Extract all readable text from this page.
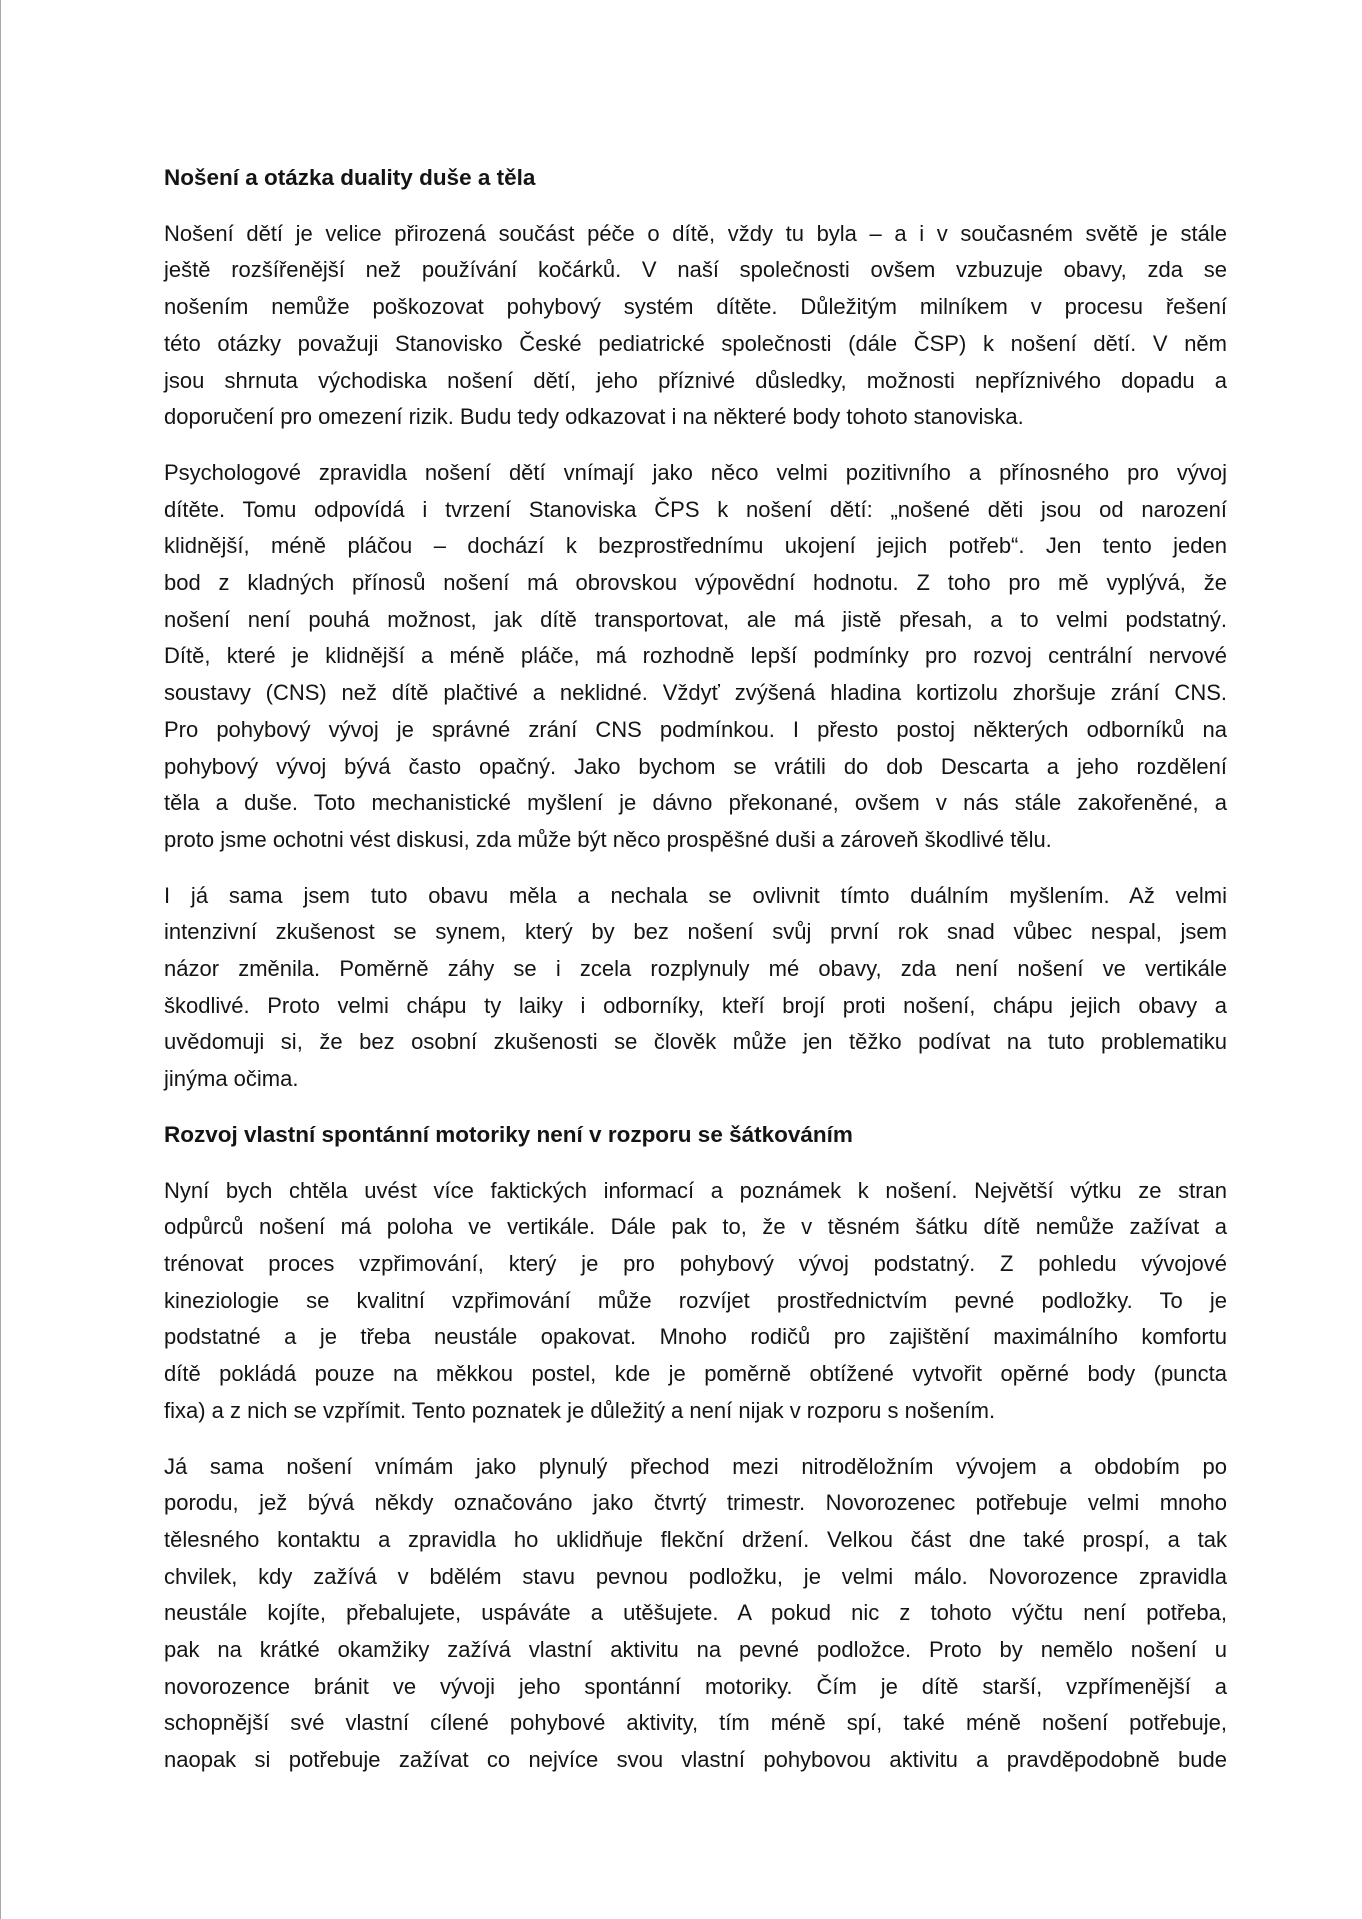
Nošení a otázka duality duše a těla
Nošení dětí je velice přirozená součást péče o dítě, vždy tu byla – a i v současném světě je stále
ještě rozšířenější než používání kočárků. V naší společnosti ovšem vzbuzuje obavy, zda se
nošením nemůže poškozovat pohybový systém dítěte. Důležitým milníkem v procesu řešení
této otázky považuji Stanovisko České pediatrické společnosti (dále ČSP) k nošení dětí. V něm
jsou shrnuta východiska nošení dětí, jeho příznivé důsledky, možnosti nepříznivého dopadu a
doporučení pro omezení rizik. Budu tedy odkazovat i na některé body tohoto stanoviska.
Psychologové zpravidla nošení dětí vnímají jako něco velmi pozitivního a přínosného pro vývoj
dítěte. Tomu odpovídá i tvrzení Stanoviska ČPS k nošení dětí: „nošené děti jsou od narození
klidnější, méně pláčou – dochází k bezprostřednímu ukojení jejich potřeb“. Jen tento jeden
bod z kladných přínosů nošení má obrovskou výpovědní hodnotu. Z toho pro mě vyplývá, že
nošení není pouhá možnost, jak dítě transportovat, ale má jistě přesah, a to velmi podstatný.
Dítě, které je klidnější a méně pláče, má rozhodně lepší podmínky pro rozvoj centrální nervové
soustavy (CNS) než dítě plačtivé a neklidné. Vždyť zvýšená hladina kortizolu zhoršuje zrání CNS.
Pro pohybový vývoj je správné zrání CNS podmínkou. I přesto postoj některých odborníků na
pohybový vývoj bývá často opačný. Jako bychom se vrátili do dob Descarta a jeho rozdělení
těla a duše. Toto mechanistické myšlení je dávno překonané, ovšem v nás stále zakořeněné, a
proto jsme ochotni vést diskusi, zda může být něco prospěšné duši a zároveň škodlivé tělu.
I já sama jsem tuto obavu měla a nechala se ovlivnit tímto duálním myšlením. Až velmi
intenzivní zkušenost se synem, který by bez nošení svůj první rok snad vůbec nespal, jsem
názor změnila. Poměrně záhy se i zcela rozplynuly mé obavy, zda není nošení ve vertikále
škodlivé. Proto velmi chápu ty laiky i odborníky, kteří brojí proti nošení, chápu jejich obavy a
uvědomuji si, že bez osobní zkušenosti se člověk může jen těžko podívat na tuto problematiku
jinýma očima.
Rozvoj vlastní spontánní motoriky není v rozporu se šátkováním
Nyní bych chtěla uvést více faktických informací a poznámek k nošení. Největší výtku ze stran
odpůrců nošení má poloha ve vertikále. Dále pak to, že v těsném šátku dítě nemůže zažívat a
trénovat proces vzpřimování, který je pro pohybový vývoj podstatný. Z pohledu vývojové
kineziologie se kvalitní vzpřimování může rozvíjet prostřednictvím pevné podložky. To je
podstatné a je třeba neustále opakovat. Mnoho rodičů pro zajištění maximálního komfortu
dítě pokládá pouze na měkkou postel, kde je poměrně obtížené vytvořit opěrné body (puncta
fixa) a z nich se vzpřímit. Tento poznatek je důležitý a není nijak v rozporu s nošením.
Já sama nošení vnímám jako plynulý přechod mezi nitroděložním vývojem a obdobím po
porodu, jež bývá někdy označováno jako čtvrtý trimestr. Novorozenec potřebuje velmi mnoho
tělesného kontaktu a zpravidla ho uklidňuje flekční držení. Velkou část dne také prospí, a tak
chvilek, kdy zažívá v bdělém stavu pevnou podložku, je velmi málo. Novorozence zpravidla
neustále kojíte, přebalujete, uspáváte a utěšujete. A pokud nic z tohoto výčtu není potřeba,
pak na krátké okamžiky zažívá vlastní aktivitu na pevné podložce. Proto by nemělo nošení u
novorozence bránit ve vývoji jeho spontánní motoriky. Čím je dítě starší, vzpřímenější a
schopnější své vlastní cílené pohybové aktivity, tím méně spí, také méně nošení potřebuje,
naopak si potřebuje zažívat co nejvíce svou vlastní pohybovou aktivitu a pravděpodobně bude
